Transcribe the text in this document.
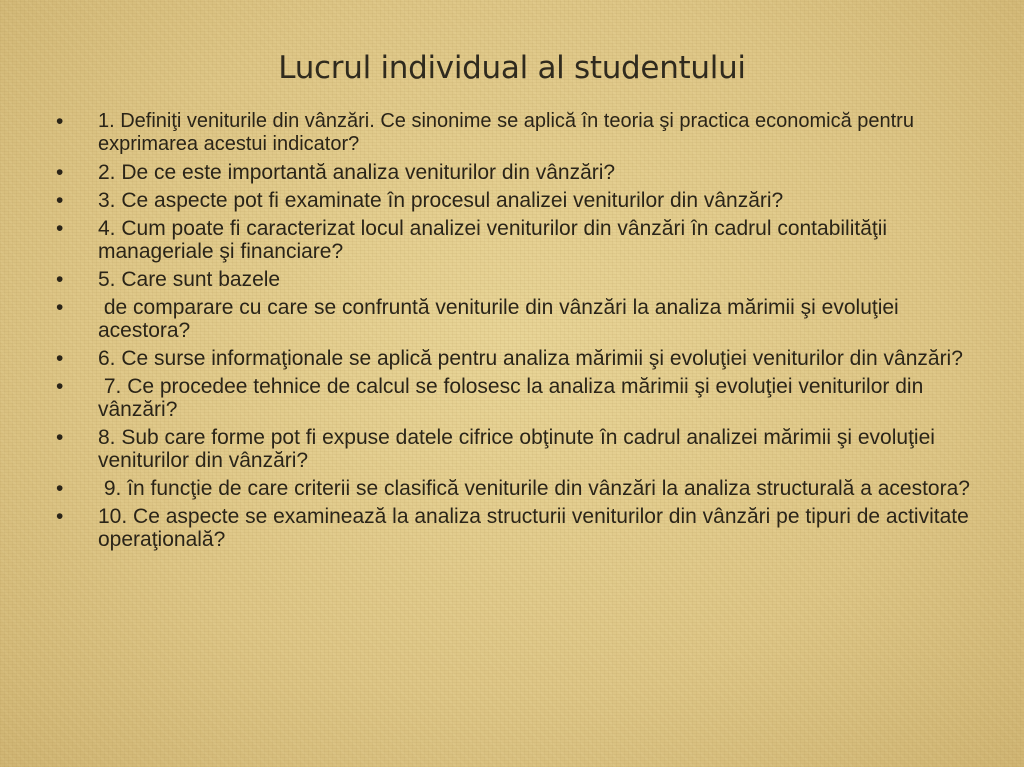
Lucrul individual al studentului
• 1. Definiţi veniturile din vânzări. Ce sinonime se aplică în teoria şi practica economică pentru exprimarea acestui indicator?
• 2. De ce este importantă analiza veniturilor din vânzări?
• 3. Ce aspecte pot fi examinate în procesul analizei veniturilor din vânzări?
• 4. Cum poate fi caracterizat locul analizei veniturilor din vânzări în cadrul contabilităţii manageriale şi financiare?
• 5. Care sunt bazele
• de comparare cu care se confruntă veniturile din vânzări la analiza mărimii şi evoluţiei acestora?
• 6. Ce surse informaţionale se aplică pentru analiza mărimii şi evoluţiei veniturilor din vânzări?
• 7. Ce procedee tehnice de calcul se folosesc la analiza mărimii şi evoluţiei veniturilor din vânzări?
• 8. Sub care forme pot fi expuse datele cifrice obţinute în cadrul analizei mărimii şi evoluţiei veniturilor din vânzări?
• 9. în funcţie de care criterii se clasifică veniturile din vânzări la analiza structurală a acestora?
• 10. Ce aspecte se examinează la analiza structurii veniturilor din vânzări pe tipuri de activitate operaţională?
